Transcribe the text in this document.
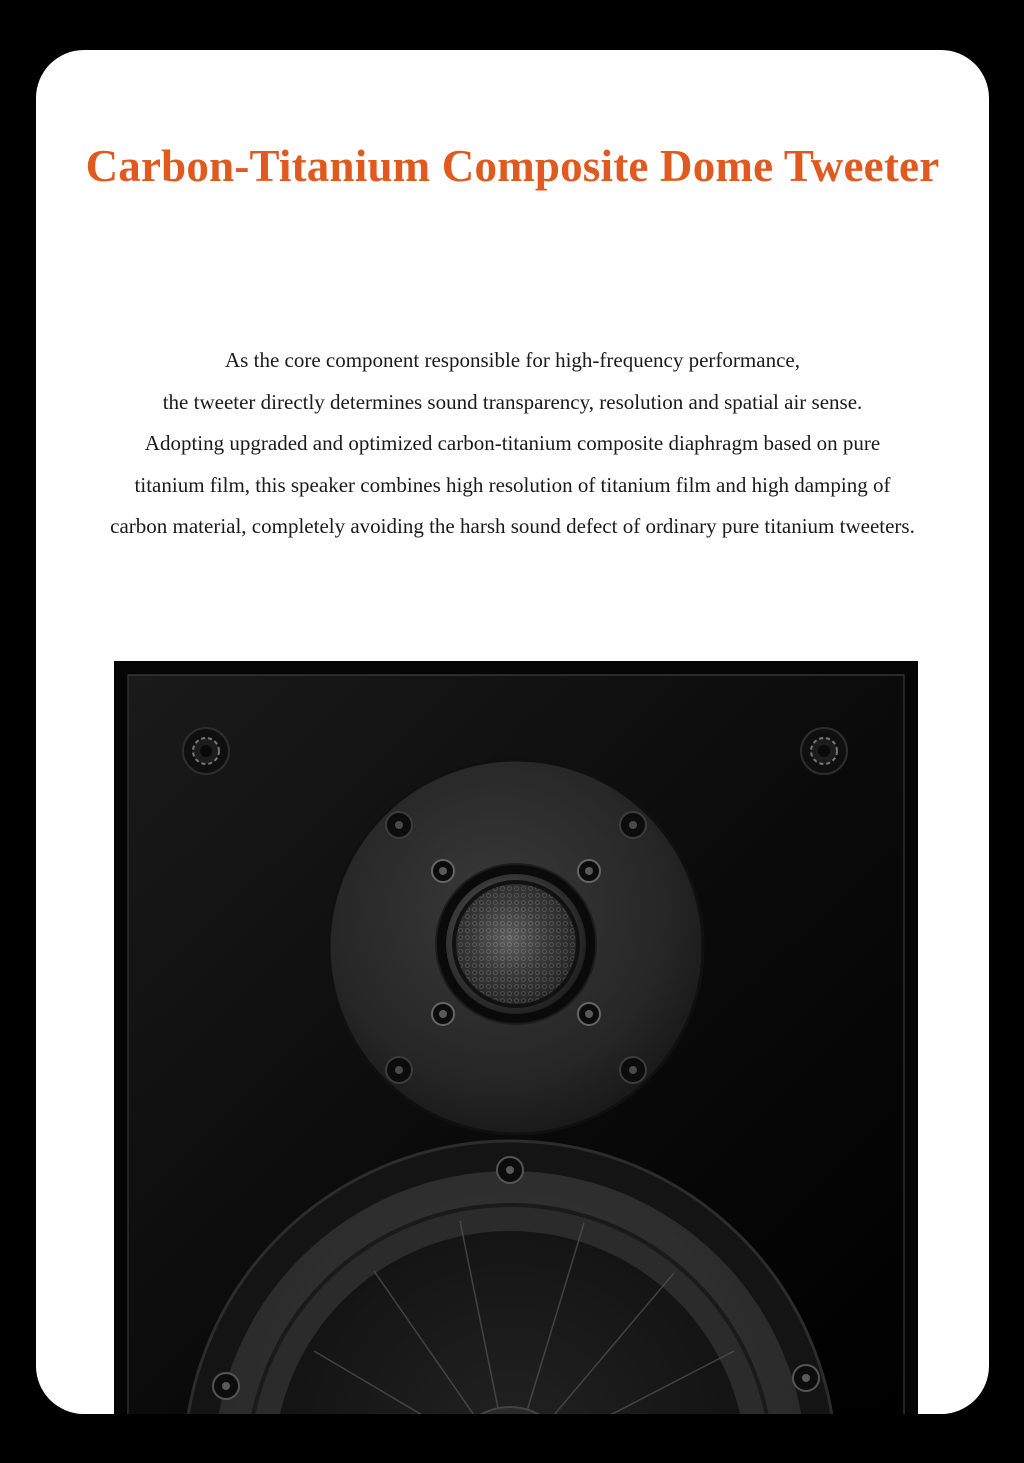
Carbon-Titanium Composite Dome Tweeter
As the core component responsible for high-frequency performance,
the tweeter directly determines sound transparency, resolution and spatial air sense.
Adopting upgraded and optimized carbon-titanium composite diaphragm based on pure
titanium film, this speaker combines high resolution of titanium film and high damping of
carbon material, completely avoiding the harsh sound defect of ordinary pure titanium tweeters.
